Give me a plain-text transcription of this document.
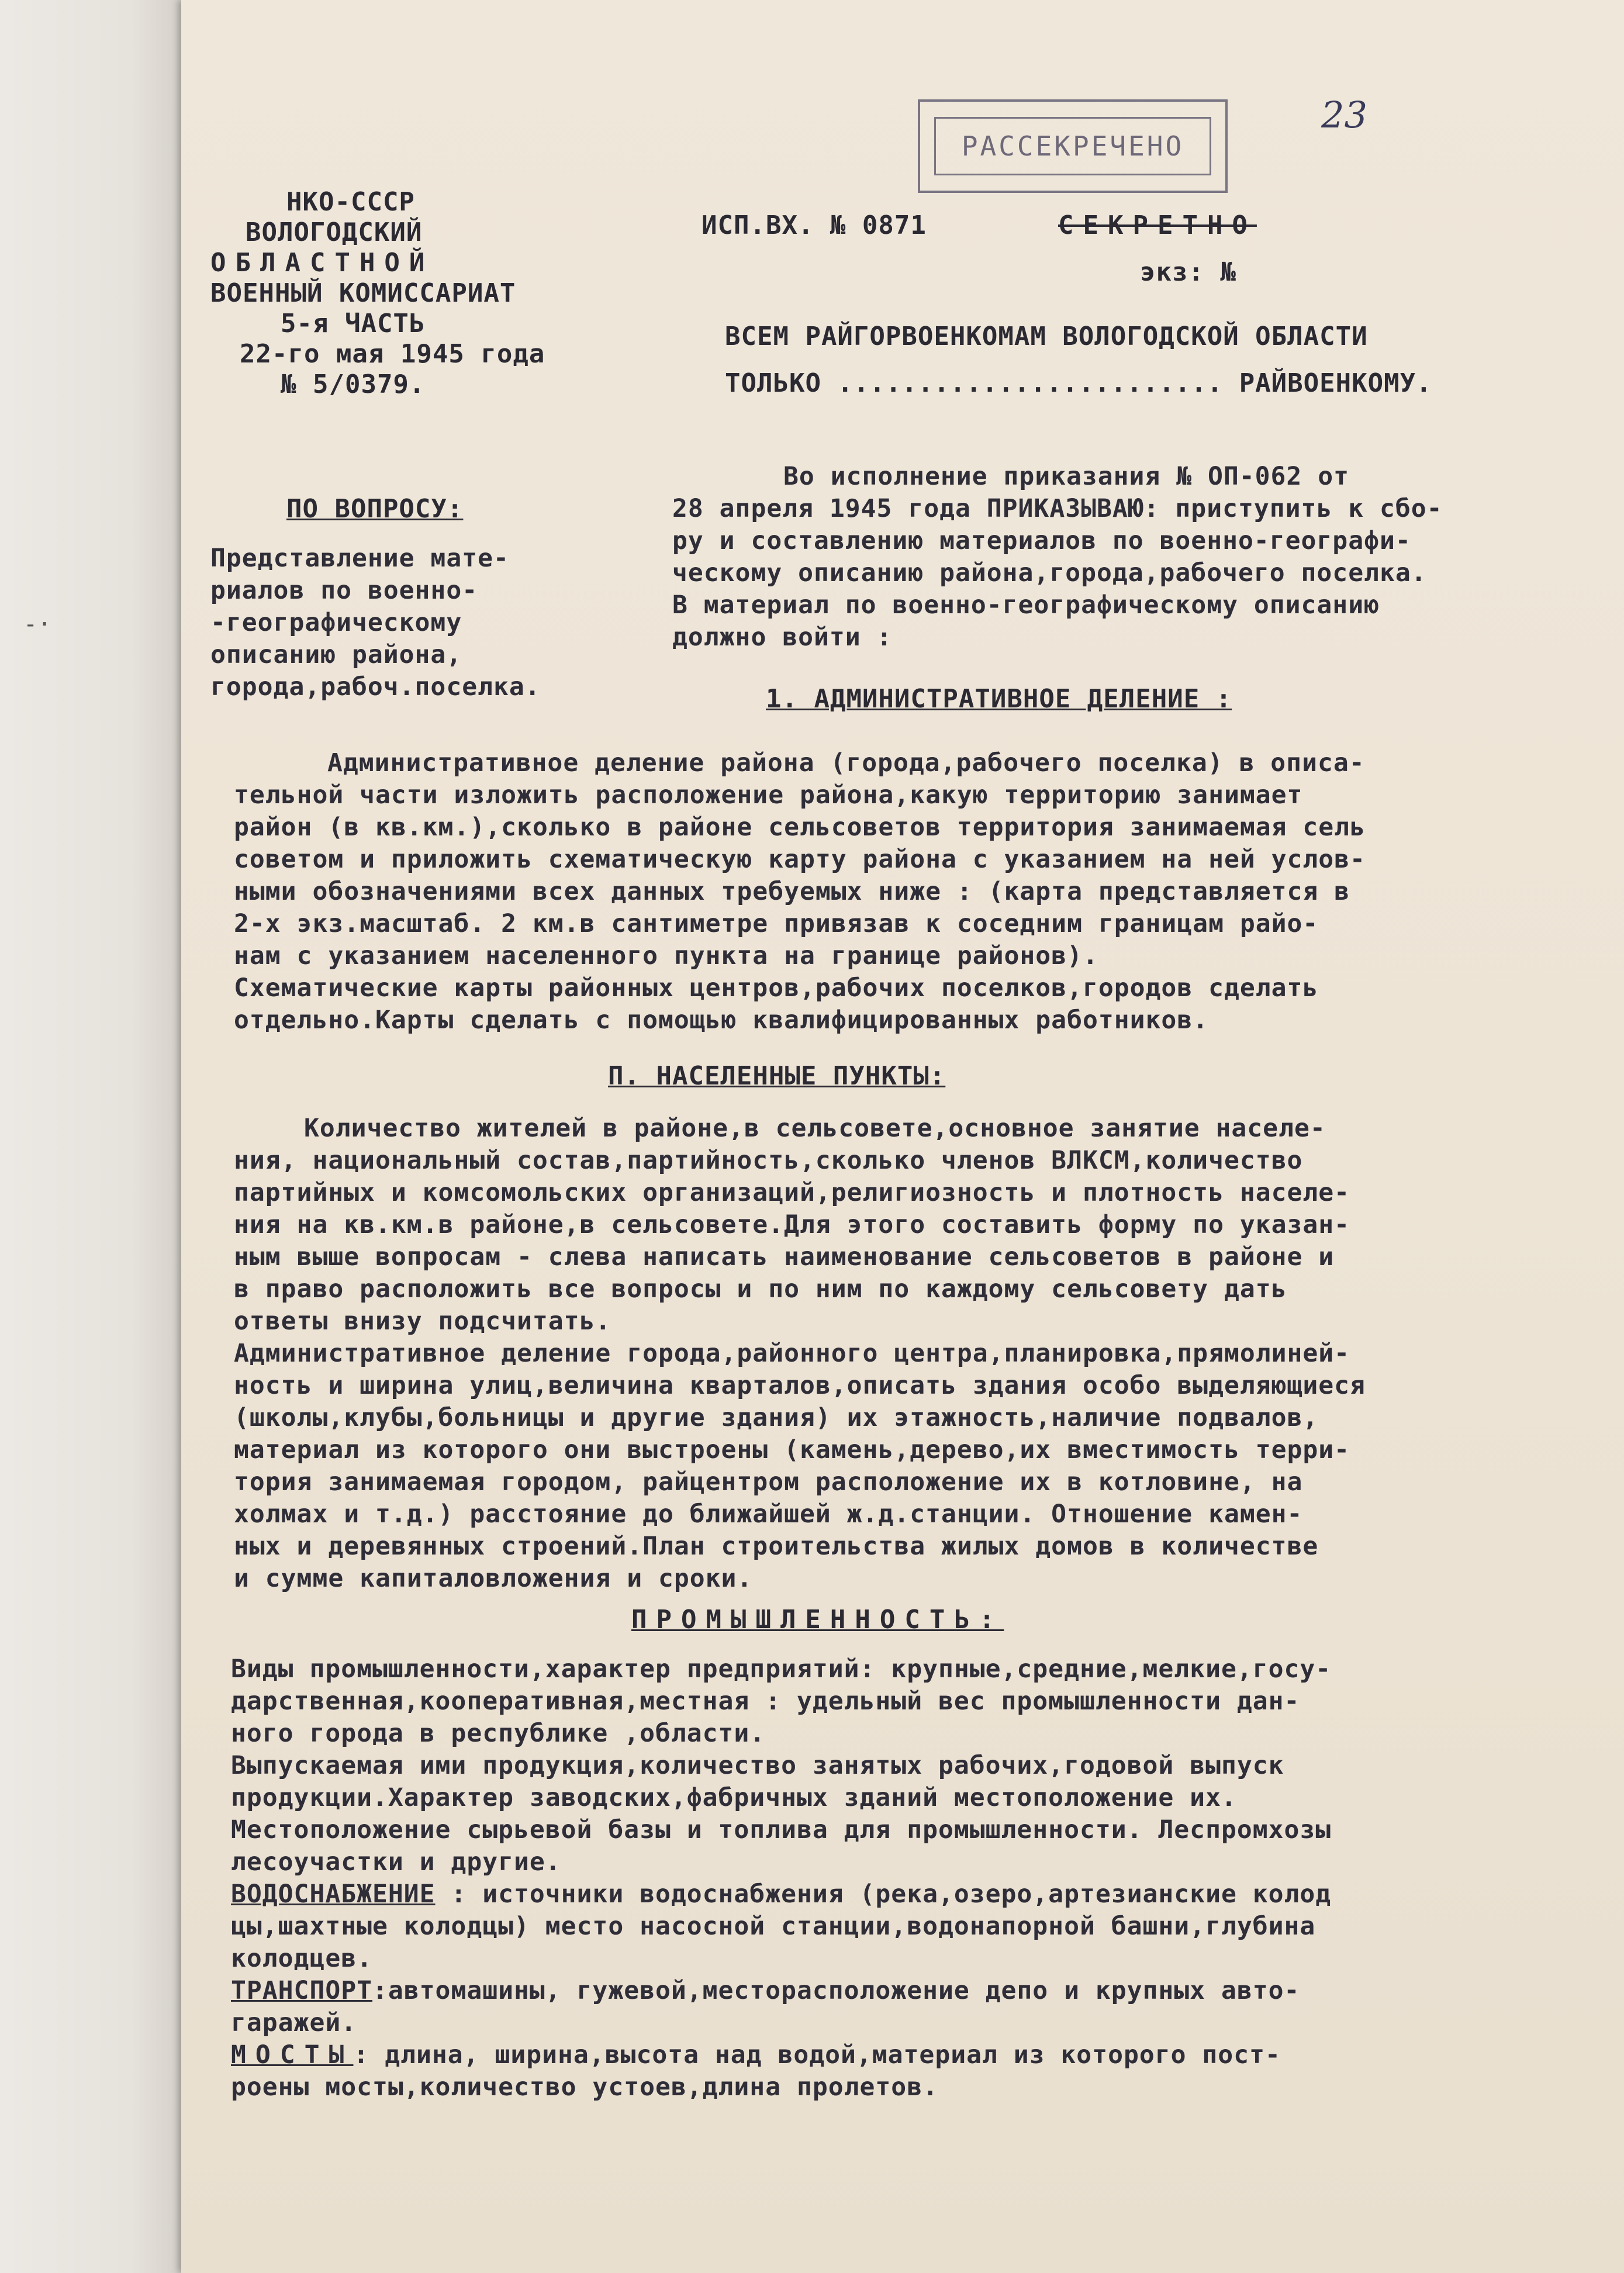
-·
23
РАССЕКРЕЧЕНО
НКО-СССР
ВОЛОГОДСКИЙ
ОБЛАСТНОЙ
ВОЕННЫЙ КОМИССАРИАТ
5-я ЧАСТЬ
22-го мая 1945 года
№ 5/0379.
ИСП.ВХ. № 0871	СЕКРЕТНО
экз: №
ВСЕМ РАЙГОРВОЕНКОМАМ ВОЛОГОДСКОЙ ОБЛАСТИ
ТОЛЬКО ........................ РАЙВОЕНКОМУ.
ПО ВОПРОСУ:
Представление мате-
риалов по военно-
-географическому
описанию района,
города,рабоч.поселка.
Во исполнение приказания № ОП-062 от
28 апреля 1945 года ПРИКАЗЫВАЮ: приступить к сбо-
ру и составлению материалов по военно-географи-
ческому описанию района,города,рабочего поселка.
В материал по военно-географическому описанию
должно войти :
1. АДМИНИСТРАТИВНОЕ ДЕЛЕНИЕ :
Административное деление района (города,рабочего поселка) в описа-
тельной части изложить расположение района,какую территорию занимает
район (в кв.км.),сколько в районе сельсоветов территория занимаемая сель
советом и приложить схематическую карту района с указанием на ней услов-
ными обозначениями всех данных требуемых ниже : (карта представляется в
2-х экз.масштаб. 2 км.в сантиметре привязав к соседним границам райо-
нам с указанием населенного пункта на границе районов).
Схематические карты районных центров,рабочих поселков,городов сделать
отдельно.Карты сделать с помощью квалифицированных работников.
П. НАСЕЛЕННЫЕ ПУНКТЫ:
Количество жителей в районе,в сельсовете,основное занятие населе-
ния, национальный состав,партийность,сколько членов ВЛКСМ,количество
партийных и комсомольских организаций,религиозность и плотность населе-
ния на кв.км.в районе,в сельсовете.Для этого составить форму по указан-
ным выше вопросам - слева написать наименование сельсоветов в районе и
в право расположить все вопросы и по ним по каждому сельсовету дать
ответы внизу подсчитать.
Административное деление города,районного центра,планировка,прямолиней-
ность и ширина улиц,величина кварталов,описать здания особо выделяющиеся
(школы,клубы,больницы и другие здания) их этажность,наличие подвалов,
материал из которого они выстроены (камень,дерево,их вместимость терри-
тория занимаемая городом, райцентром расположение их в котловине, на
холмах и т.д.) расстояние до ближайшей ж.д.станции. Отношение камен-
ных и деревянных строений.План строительства жилых домов в количестве
и сумме капиталовложения и сроки.
ПРОМЫШЛЕННОСТЬ:
Виды промышленности,характер предприятий: крупные,средние,мелкие,госу-
дарственная,кооперативная,местная : удельный вес промышленности дан-
ного города в республике ,области.
Выпускаемая ими продукция,количество занятых рабочих,годовой выпуск
продукции.Характер заводских,фабричных зданий местоположение их.
Местоположение сырьевой базы и топлива для промышленности. Леспромхозы
лесоучастки и другие.
ВОДОСНАБЖЕНИЕ : источники водоснабжения (река,озеро,артезианские колод
цы,шахтные колодцы) место насосной станции,водонапорной башни,глубина
колодцев.
ТРАНСПОРТ:автомашины, гужевой,месторасположение депо и крупных авто-
гаражей.
МОСТЫ: длина, ширина,высота над водой,материал из которого пост-
роены мосты,количество устоев,длина пролетов.
